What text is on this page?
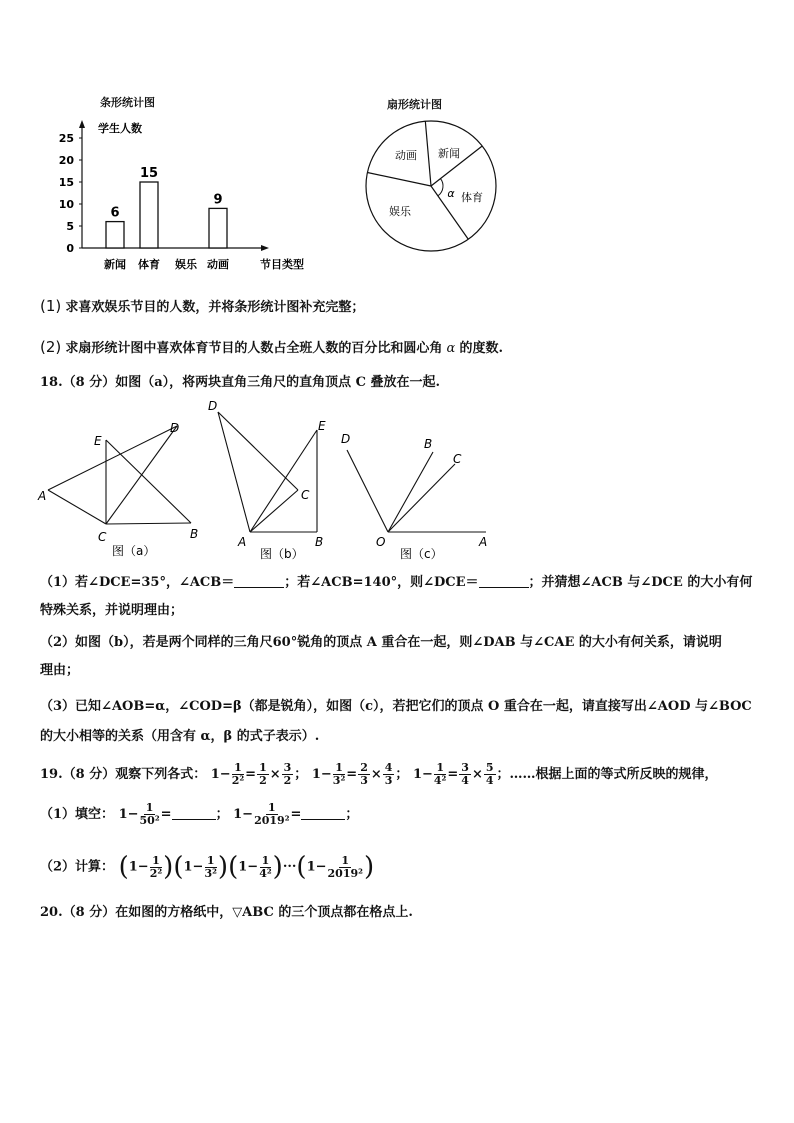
条形统计图
学生人数
节目类型
0
5
10
15
20
25
6
新闻
15
体育 娱乐
9
动画
扇形统计图
新闻
体育
娱乐
动画
α
(1) 求喜欢娱乐节目的人数，并将条形统计图补充完整；
(2) 求扇形统计图中喜欢体育节目的人数占全班人数的百分比和圆心角 α 的度数.
18.（8 分）如图（a），将两块直角三角尺的直角顶点 C 叠放在一起.
A
B
C
D
E
图（a）
D
E
C
A	B
图（b）
D	B
C
O	A
图（c）
（1）若∠DCE=35°，∠ACB＝	；若∠ACB=140°，则∠DCE＝	；并猜想∠ACB 与∠DCE 的大小有何
特殊关系，并说明理由；
（2）如图（b），若是两个同样的三角尺60°锐角的顶点 A 重合在一起，则∠DAB 与∠CAE 的大小有何关系，请说明
理由；
（3）已知∠AOB=α，∠COD=β（都是锐角），如图（c），若把它们的顶点 O 重合在一起，请直接写出∠AOD 与∠BOC
的大小相等的关系（用含有 α，β 的式子表示）.
19.（8 分）观察下列各式： $1- \frac{1}{\text{2²}} = \frac{1}{2} \times \frac{3}{2}$ ； $1- \frac{1}{\text{3²}} = \frac{2}{3} \times \frac{4}{3}$ ； $1- \frac{1}{\text{4²}} = \frac{3}{4} \times \frac{5}{4}$ ；……根据上面的等式所反映的规律，
（1）填空： $1- \frac{1}{\text{50²}}$ =	； $1- \frac{1}{\text{2019²}}$ =	；
（2）计算： $(1- \frac{1}{\text{2²}} )(1- \frac{1}{\text{3²}} )(1- \frac{1}{\text{4²}} )\cdot\cdot\cdot(1- \frac{1}{\text{2019²}}$ )
20.（8 分）在如图的方格纸中，▽ABC 的三个顶点都在格点上.
